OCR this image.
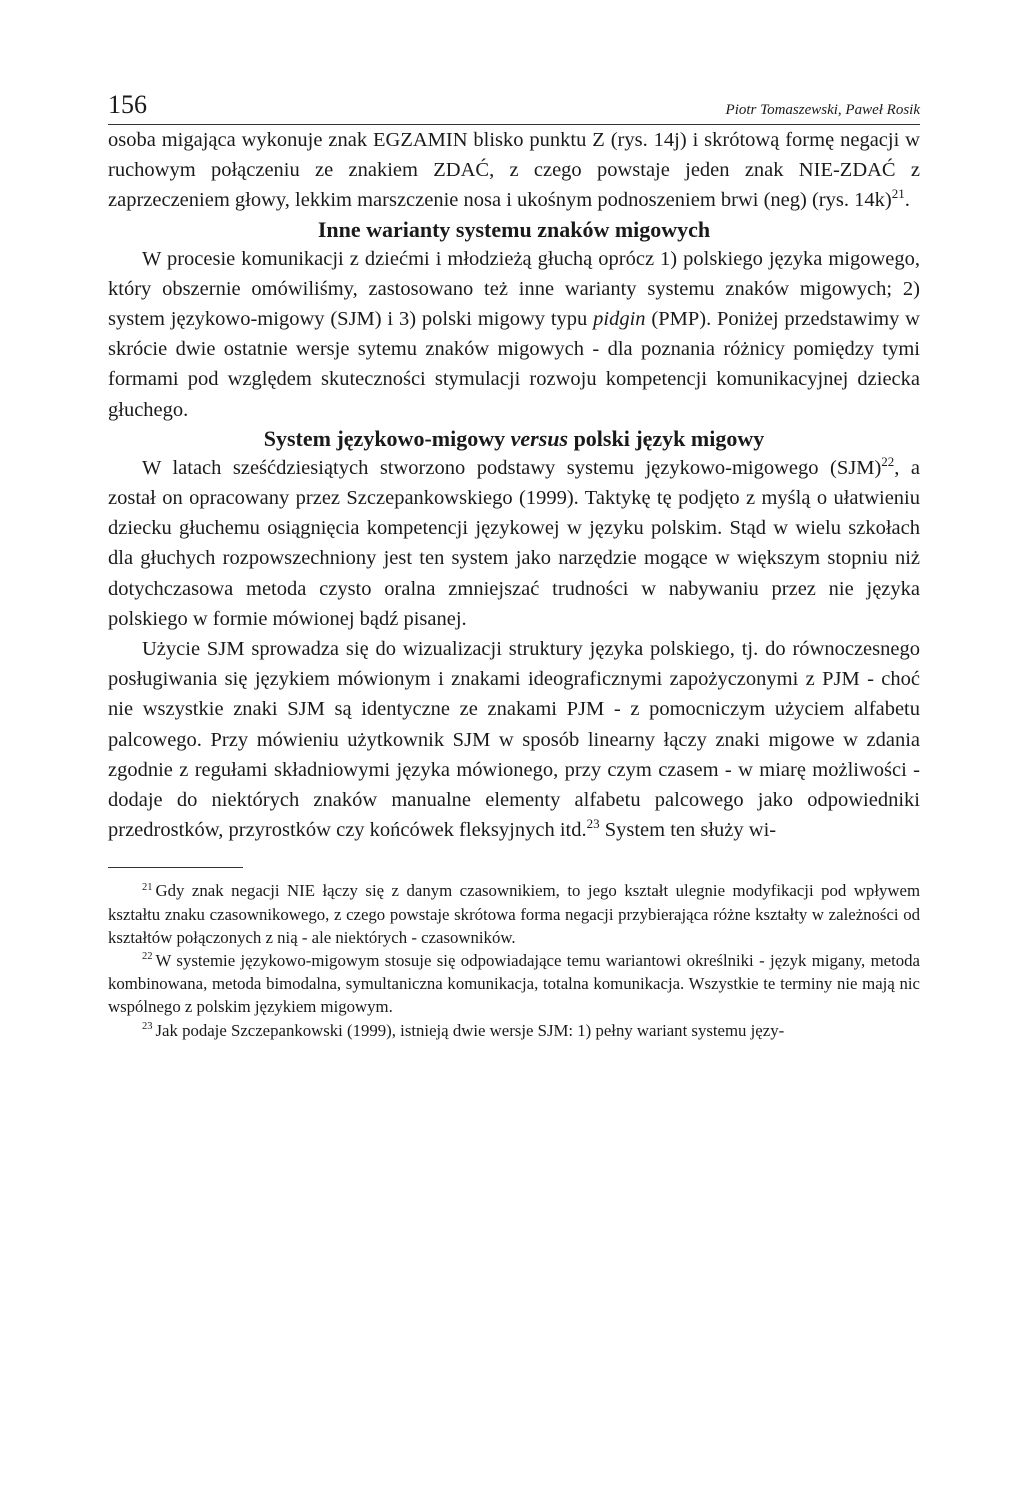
156	Piotr Tomaszewski, Paweł Rosik

osoba migająca wykonuje znak EGZAMIN blisko punktu Z (rys. 14j) i skrótową formę negacji w ruchowym połączeniu ze znakiem ZDAĆ, z czego powstaje jeden znak NIE-ZDAĆ z zaprzeczeniem głowy, lekkim marszczenie nosa i ukośnym podnoszeniem brwi (neg) (rys. 14k)$^{21}$.

Inne warianty systemu znaków migowych

W procesie komunikacji z dziećmi i młodzieżą głuchą oprócz 1) polskiego języka migowego, który obszernie omówiliśmy, zastosowano też inne warianty systemu znaków migowych; 2) system językowo-migowy (SJM) i 3) polski migowy typu pidgin (PMP). Poniżej przedstawimy w skrócie dwie ostatnie wersje sytemu znaków migowych - dla poznania różnicy pomiędzy tymi formami pod względem skuteczności stymulacji rozwoju kompetencji komunikacyjnej dziecka głuchego.

System językowo-migowy versus polski język migowy

W latach sześćdziesiątych stworzono podstawy systemu językowo-migowego (SJM)$^{22}$, a został on opracowany przez Szczepankowskiego (1999). Taktykę tę podjęto z myślą o ułatwieniu dziecku głuchemu osiągnięcia kompetencji językowej w języku polskim. Stąd w wielu szkołach dla głuchych rozpowszechniony jest ten system jako narzędzie mogące w większym stopniu niż dotychczasowa metoda czysto oralna zmniejszać trudności w nabywaniu przez nie języka polskiego w formie mówionej bądź pisanej.

Użycie SJM sprowadza się do wizualizacji struktury języka polskiego, tj. do równoczesnego posługiwania się językiem mówionym i znakami ideograficznymi zapożyczonymi z PJM - choć nie wszystkie znaki SJM są identyczne ze znakami PJM - z pomocniczym użyciem alfabetu palcowego. Przy mówieniu użytkownik SJM w sposób linearny łączy znaki migowe w zdania zgodnie z regułami składniowymi języka mówionego, przy czym czasem - w miarę możliwości - dodaje do niektórych znaków manualne elementy alfabetu palcowego jako odpowiedniki przedrostków, przyrostków czy końcówek fleksyjnych itd.$^{23}$ System ten służy wi-

$^{21}$ Gdy znak negacji NIE łączy się z danym czasownikiem, to jego kształt ulegnie modyfikacji pod wpływem kształtu znaku czasownikowego, z czego powstaje skrótowa forma negacji przybierająca różne kształty w zależności od kształtów połączonych z nią - ale niektórych - czasowników.

$^{22}$ W systemie językowo-migowym stosuje się odpowiadające temu wariantowi określniki - język migany, metoda kombinowana, metoda bimodalna, symultaniczna komunikacja, totalna komunikacja. Wszystkie te terminy nie mają nic wspólnego z polskim językiem migowym.

$^{23}$ Jak podaje Szczepankowski (1999), istnieją dwie wersje SJM: 1) pełny wariant systemu języ-
